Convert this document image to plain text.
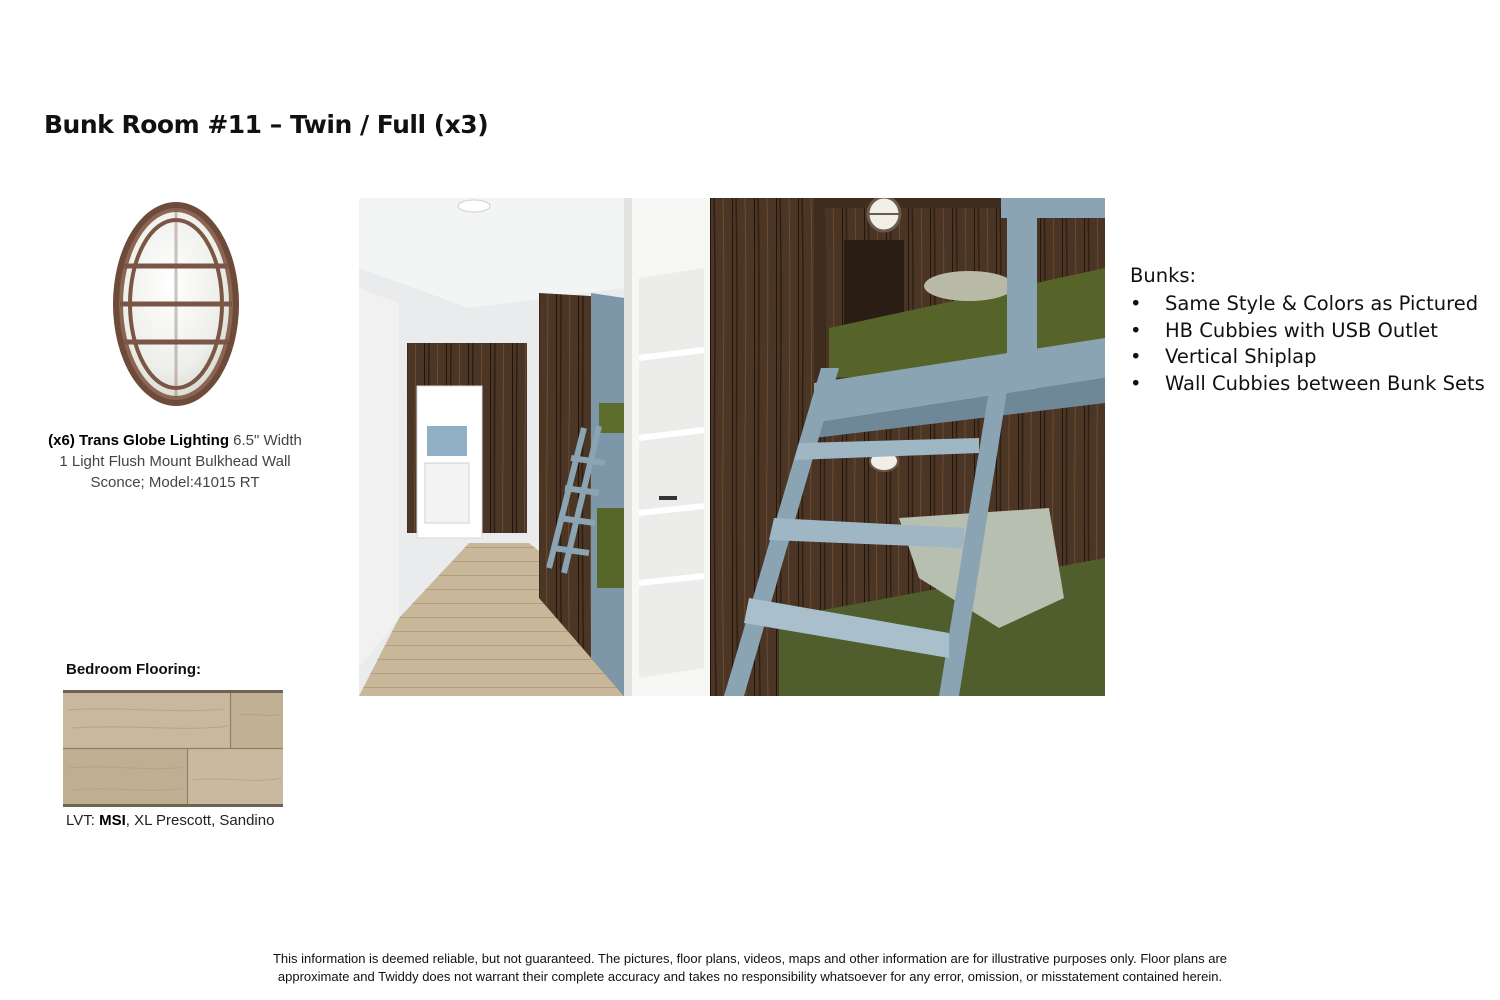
Bunk Room #11 – Twin / Full (x3)
(x6) Trans Globe Lighting 6.5" Width
1 Light Flush Mount Bulkhead Wall
Sconce; Model:41015 RT
Bedroom Flooring:
LVT: MSI, XL Prescott, Sandino

Bunks:

• Same Style & Colors as Pictured
• HB Cubbies with USB Outlet
• Vertical Shiplap
• Wall Cubbies between Bunk Sets
This information is deemed reliable, but not guaranteed. The pictures, floor plans, videos, maps and other information are for illustrative purposes only. Floor plans are
approximate and Twiddy does not warrant their complete accuracy and takes no responsibility whatsoever for any error, omission, or misstatement contained herein.
